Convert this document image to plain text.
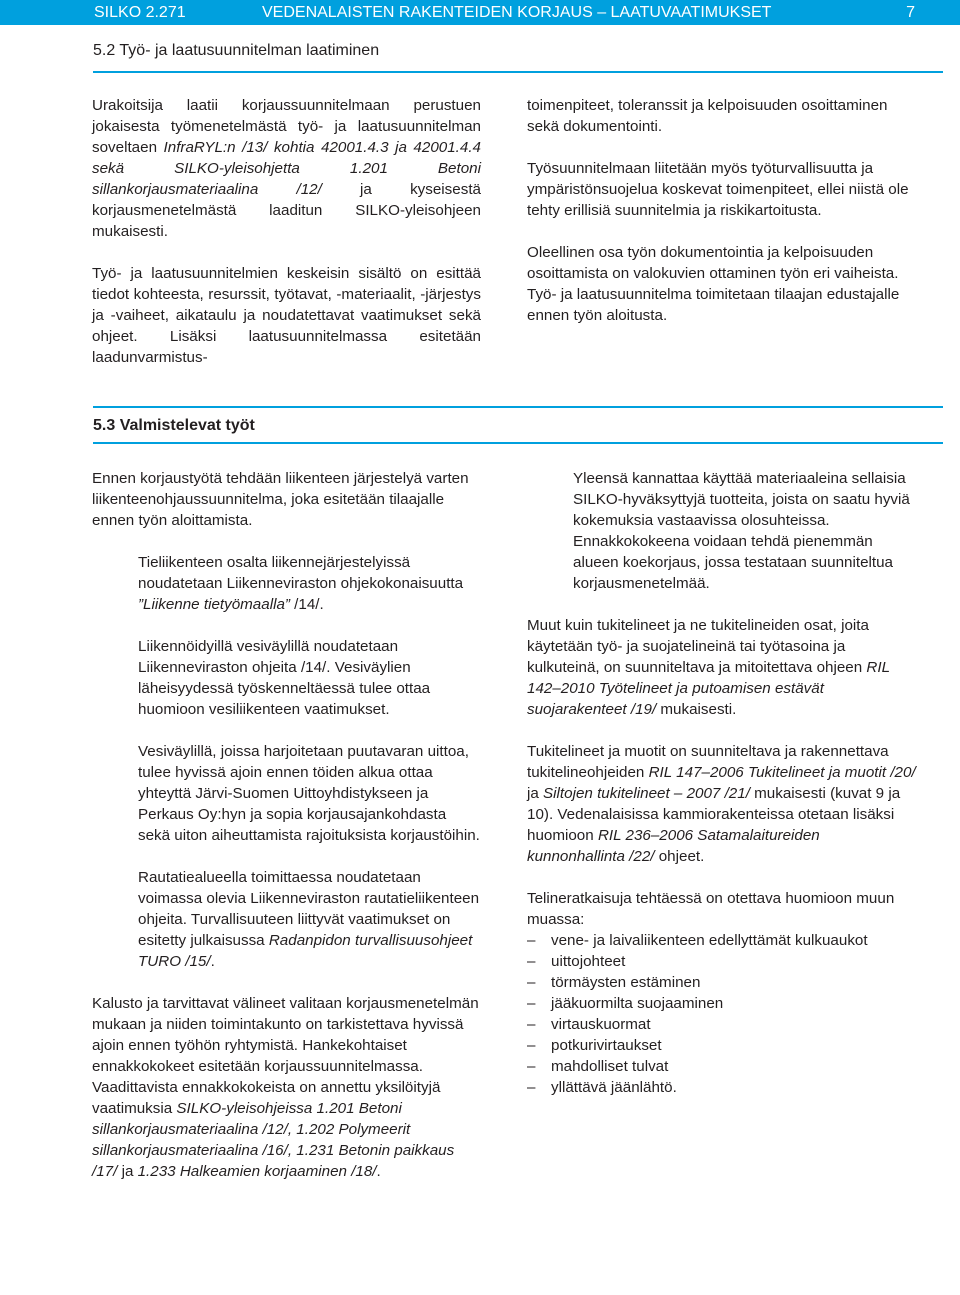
SILKO 2.271	VEDENALAISTEN RAKENTEIDEN KORJAUS – LAATUVAATIMUKSET	7
5.2 Työ- ja laatusuunnitelman laatiminen

Urakoitsija laatii korjaussuunnitelmaan perustuen jokaisesta työmenetelmästä työ- ja laatusuunnitelman soveltaen InfraRYL:n /13/ kohtia 42001.4.3 ja 42001.4.4 sekä SILKO-yleisohjetta 1.201 Betoni sillankorjausmateriaalina /12/ ja kyseisestä korjausmenetelmästä laaditun SILKO-yleisohjeen mukaisesti.

Työ- ja laatusuunnitelmien keskeisin sisältö on esittää tiedot kohteesta, resurssit, työtavat, -materiaalit, -järjestys ja -vaiheet, aikataulu ja noudatettavat vaatimukset sekä ohjeet. Lisäksi laatusuunnitelmassa esitetään laadunvarmistus-

toimenpiteet, toleranssit ja kelpoisuuden osoittaminen sekä dokumentointi.

Työsuunnitelmaan liitetään myös työturvallisuutta ja ympäristönsuojelua koskevat toimenpiteet, ellei niistä ole tehty erillisiä suunnitelmia ja riskikartoitusta.

Oleellinen osa työn dokumentointia ja kelpoisuuden osoittamista on valokuvien ottaminen työn eri vaiheista. Työ- ja laatusuunnitelma toimitetaan tilaajan edustajalle ennen työn aloitusta.

5.3 Valmistelevat työt

Ennen korjaustyötä tehdään liikenteen järjestelyä varten liikenteenohjaussuunnitelma, joka esitetään tilaajalle ennen työn aloittamista.

Tieliikenteen osalta liikennejärjestelyissä noudatetaan Liikenneviraston ohjekokonaisuutta ”Liikenne tietyömaalla” /14/.

Liikennöidyillä vesiväylillä noudatetaan Liikenneviraston ohjeita /14/. Vesiväylien läheisyydessä työskenneltäessä tulee ottaa huomioon vesiliikenteen vaatimukset.

Vesiväylillä, joissa harjoitetaan puutavaran uittoa, tulee hyvissä ajoin ennen töiden alkua ottaa yhteyttä Järvi-Suomen Uittoyhdistykseen ja Perkaus Oy:hyn ja sopia korjausajankohdasta sekä uiton aiheuttamista rajoituksista korjaustöihin.

Rautatiealueella toimittaessa noudatetaan voimassa olevia Liikenneviraston rautatieliikenteen ohjeita. Turvallisuuteen liittyvät vaatimukset on esitetty julkaisussa Radanpidon turvallisuusohjeet TURO /15/.

Kalusto ja tarvittavat välineet valitaan korjausmenetelmän mukaan ja niiden toimintakunto on tarkistettava hyvissä ajoin ennen työhön ryhtymistä. Hankekohtaiset ennakkokokeet esitetään korjaussuunnitelmassa. Vaadittavista ennakkokokeista on annettu yksilöityjä vaatimuksia SILKO-yleisohjeissa 1.201 Betoni sillankorjausmateriaalina /12/, 1.202 Polymeerit sillankorjausmateriaalina /16/, 1.231 Betonin paikkaus /17/ ja 1.233 Halkeamien korjaaminen /18/.

Yleensä kannattaa käyttää materiaaleina sellaisia SILKO-hyväksyttyjä tuotteita, joista on saatu hyviä kokemuksia vastaavissa olosuhteissa. Ennakkokokeena voidaan tehdä pienemmän alueen koekorjaus, jossa testataan suunniteltua korjausmenetelmää.

Muut kuin tukitelineet ja ne tukitelineiden osat, joita käytetään työ- ja suojatelineinä tai työtasoina ja kulkuteinä, on suunniteltava ja mitoitettava ohjeen RIL 142–2010 Työtelineet ja putoamisen estävät suojarakenteet /19/ mukaisesti.

Tukitelineet ja muotit on suunniteltava ja rakennettava tukitelineohjeiden RIL 147–2006 Tukitelineet ja muotit /20/ ja Siltojen tukitelineet – 2007 /21/ mukaisesti (kuvat 9 ja 10). Vedenalaisissa kammiorakenteissa otetaan lisäksi huomioon RIL 236–2006 Satamalaitureiden kunnonhallinta /22/ ohjeet.

Telineratkaisuja tehtäessä on otettava huomioon muun muassa:

– vene- ja laivaliikenteen edellyttämät kulkuaukot
– uittojohteet
– törmäysten estäminen
– jääkuormilta suojaaminen
– virtauskuormat
– potkurivirtaukset
– mahdolliset tulvat
– yllättävä jäänlähtö.
